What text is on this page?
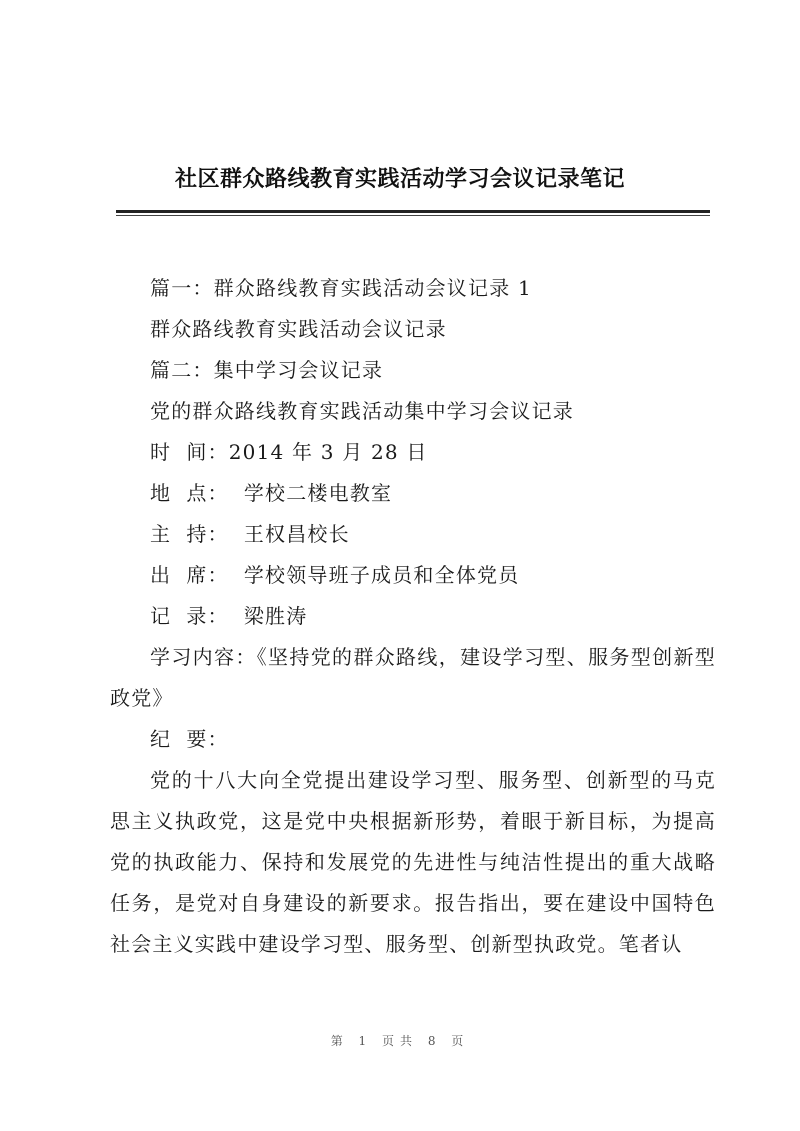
社区群众路线教育实践活动学习会议记录笔记
篇一：群众路线教育实践活动会议记录 1
群众路线教育实践活动会议记录
篇二：集中学习会议记录
党的群众路线教育实践活动集中学习会议记录
时  间：2014 年 3 月 28 日
地  点：  学校二楼电教室
主  持：  王权昌校长
出  席：  学校领导班子成员和全体党员
记  录：  梁胜涛

学习内容：《坚持党的群众路线，建设学习型、服务型创新型政党》

纪  要：

党的十八大向全党提出建设学习型、服务型、创新型的马克思主义执政党，这是党中央根据新形势，着眼于新目标，为提高党的执政能力、保持和发展党的先进性与纯洁性提出的重大战略任务，是党对自身建设的新要求。报告指出，要在建设中国特色社会主义实践中建设学习型、服务型、创新型执政党。笔者认

第 1 页共 8 页
